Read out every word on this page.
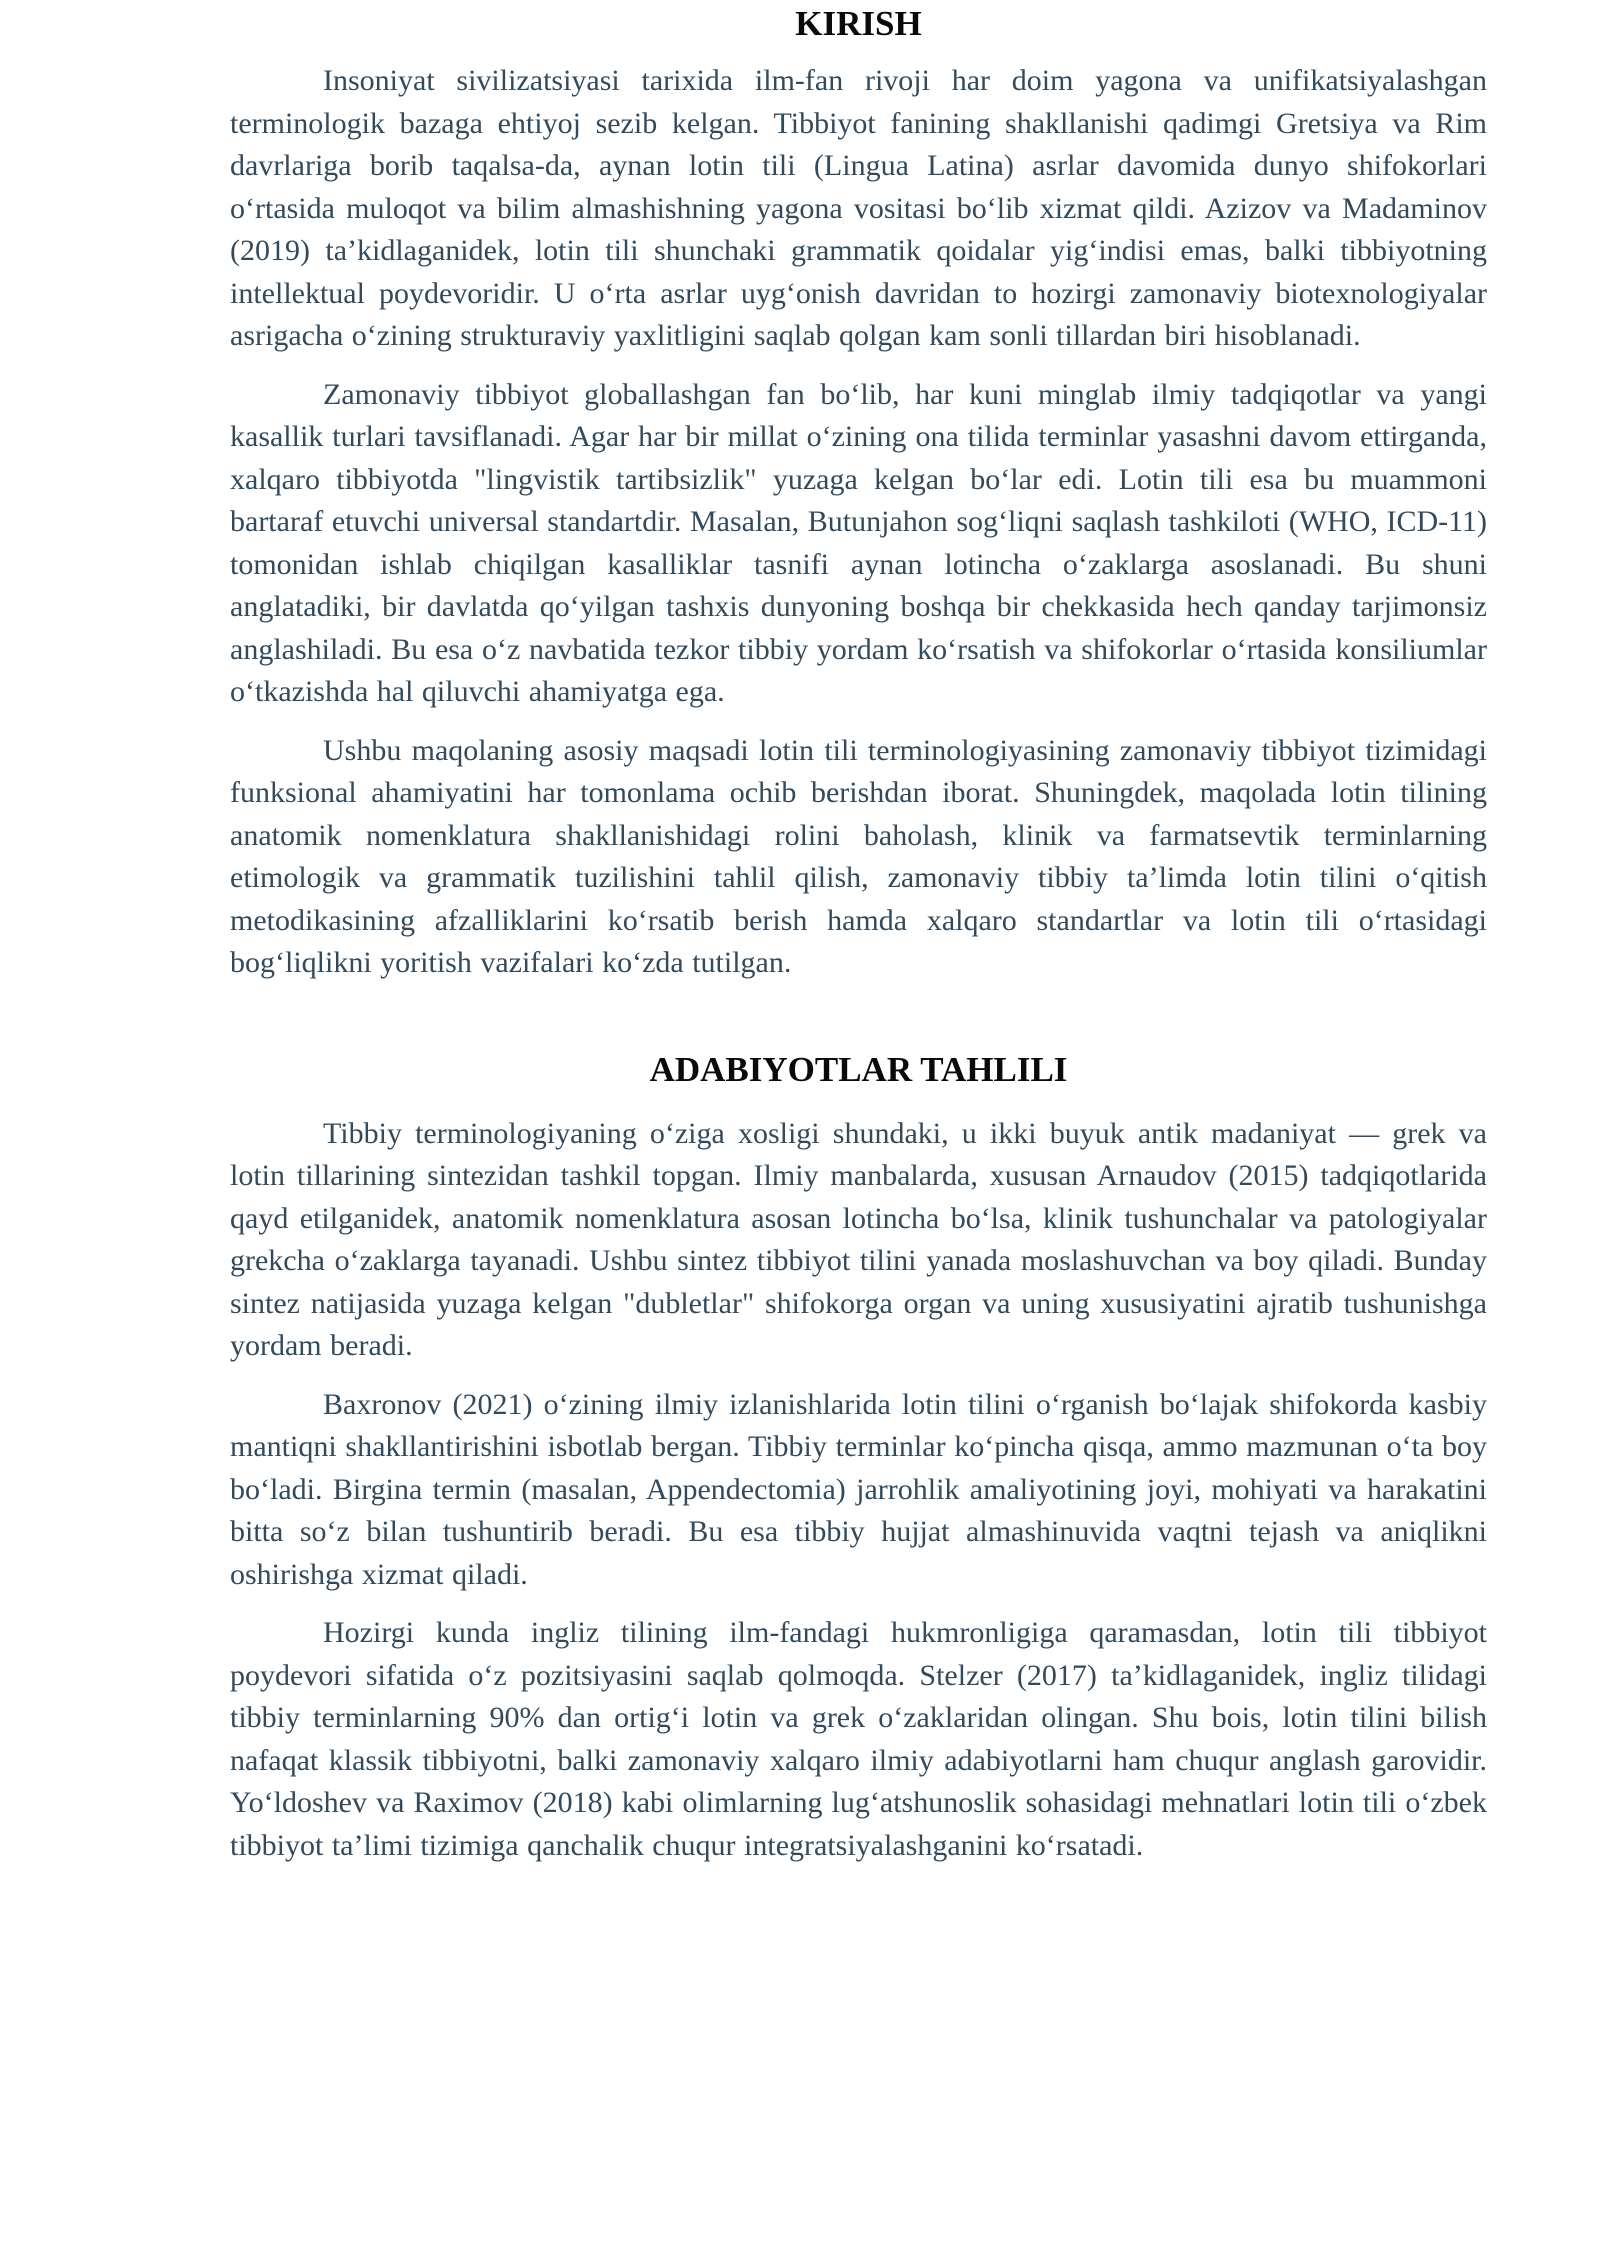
KIRISH

Insoniyat sivilizatsiyasi tarixida ilm-fan rivoji har doim yagona va unifikatsiyalashgan terminologik bazaga ehtiyoj sezib kelgan. Tibbiyot fanining shakllanishi qadimgi Gretsiya va Rim davrlariga borib taqalsa-da, aynan lotin tili (Lingua Latina) asrlar davomida dunyo shifokorlari oʻrtasida muloqot va bilim almashishning yagona vositasi boʻlib xizmat qildi. Azizov va Madaminov (2019) ta’kidlaganidek, lotin tili shunchaki grammatik qoidalar yigʻindisi emas, balki tibbiyotning intellektual poydevoridir. U oʻrta asrlar uygʻonish davridan to hozirgi zamonaviy biotexnologiyalar asrigacha oʻzining strukturaviy yaxlitligini saqlab qolgan kam sonli tillardan biri hisoblanadi.

Zamonaviy tibbiyot globallashgan fan boʻlib, har kuni minglab ilmiy tadqiqotlar va yangi kasallik turlari tavsiflanadi. Agar har bir millat oʻzining ona tilida terminlar yasashni davom ettirganda, xalqaro tibbiyotda "lingvistik tartibsizlik" yuzaga kelgan boʻlar edi. Lotin tili esa bu muammoni bartaraf etuvchi universal standartdir. Masalan, Butunjahon sogʻliqni saqlash tashkiloti (WHO, ICD-11) tomonidan ishlab chiqilgan kasalliklar tasnifi aynan lotincha oʻzaklarga asoslanadi. Bu shuni anglatadiki, bir davlatda qoʻyilgan tashxis dunyoning boshqa bir chekkasida hech qanday tarjimonsiz anglashiladi. Bu esa oʻz navbatida tezkor tibbiy yordam koʻrsatish va shifokorlar oʻrtasida konsiliumlar oʻtkazishda hal qiluvchi ahamiyatga ega.

Ushbu maqolaning asosiy maqsadi lotin tili terminologiyasining zamonaviy tibbiyot tizimidagi funksional ahamiyatini har tomonlama ochib berishdan iborat. Shuningdek, maqolada lotin tilining anatomik nomenklatura shakllanishidagi rolini baholash, klinik va farmatsevtik terminlarning etimologik va grammatik tuzilishini tahlil qilish, zamonaviy tibbiy ta’limda lotin tilini oʻqitish metodikasining afzalliklarini koʻrsatib berish hamda xalqaro standartlar va lotin tili oʻrtasidagi bogʻliqlikni yoritish vazifalari koʻzda tutilgan.

ADABIYOTLAR TAHLILI

Tibbiy terminologiyaning oʻziga xosligi shundaki, u ikki buyuk antik madaniyat — grek va lotin tillarining sintezidan tashkil topgan. Ilmiy manbalarda, xususan Arnaudov (2015) tadqiqotlarida qayd etilganidek, anatomik nomenklatura asosan lotincha boʻlsa, klinik tushunchalar va patologiyalar grekcha oʻzaklarga tayanadi. Ushbu sintez tibbiyot tilini yanada moslashuvchan va boy qiladi. Bunday sintez natijasida yuzaga kelgan "dubletlar" shifokorga organ va uning xususiyatini ajratib tushunishga yordam beradi.

Baxronov (2021) oʻzining ilmiy izlanishlarida lotin tilini oʻrganish boʻlajak shifokorda kasbiy mantiqni shakllantirishini isbotlab bergan. Tibbiy terminlar koʻpincha qisqa, ammo mazmunan oʻta boy boʻladi. Birgina termin (masalan, Appendectomia) jarrohlik amaliyotining joyi, mohiyati va harakatini bitta soʻz bilan tushuntirib beradi. Bu esa tibbiy hujjat almashinuvida vaqtni tejash va aniqlikni oshirishga xizmat qiladi.

Hozirgi kunda ingliz tilining ilm-fandagi hukmronligiga qaramasdan, lotin tili tibbiyot poydevori sifatida oʻz pozitsiyasini saqlab qolmoqda. Stelzer (2017) ta’kidlaganidek, ingliz tilidagi tibbiy terminlarning 90% dan ortigʻi lotin va grek oʻzaklaridan olingan. Shu bois, lotin tilini bilish nafaqat klassik tibbiyotni, balki zamonaviy xalqaro ilmiy adabiyotlarni ham chuqur anglash garovidir. Yoʻldoshev va Raximov (2018) kabi olimlarning lugʻatshunoslik sohasidagi mehnatlari lotin tili oʻzbek tibbiyot ta’limi tizimiga qanchalik chuqur integratsiyalashganini koʻrsatadi.
